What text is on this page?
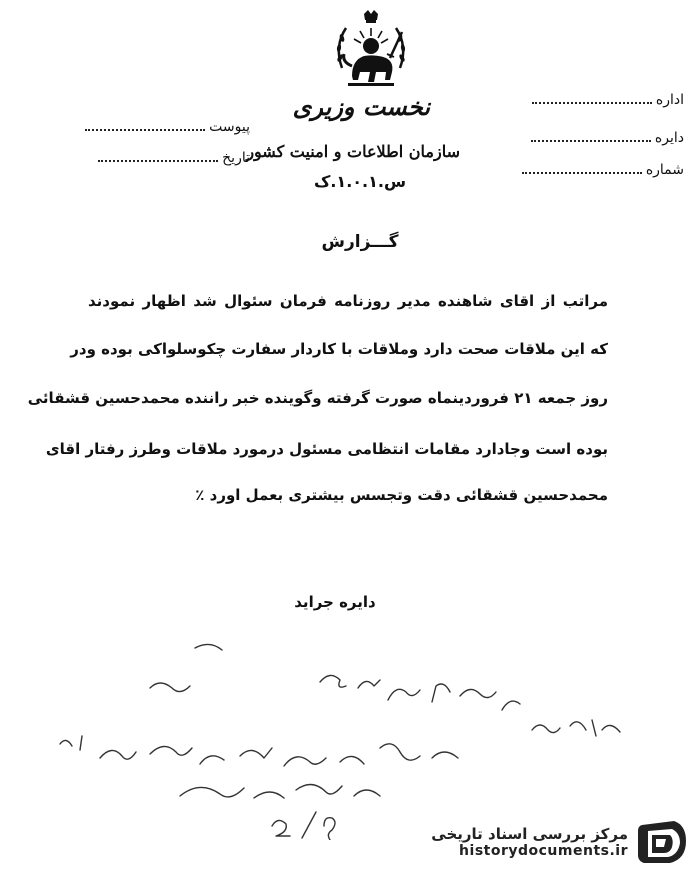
نخست وزیری
سازمان اطلاعات و امنیت کشور
س.۱.۰.۱.ک
اداره
دایره
شماره
پیوست
تاریخ
گـــزارش
مراتب از اقای شاهنده مدیر روزنامه فرمان سئوال شد اظهار نمودند
که این ملاقات صحت دارد وملاقات با کاردار سفارت چکوسلواکی بوده ودر
روز جمعه ۲۱ فروردینماه صورت گرفته وگوینده خبر راننده محمدحسین قشقائی
بوده است وجادارد مقامات انتظامی مسئول درمورد ملاقات وطرز رفتار اقای
محمدحسین قشقائی دقت وتجسس بیشتری بعمل اورد ٪
دایره جراید
مرکز بررسی اسناد تاریخی
historydocuments.ir
